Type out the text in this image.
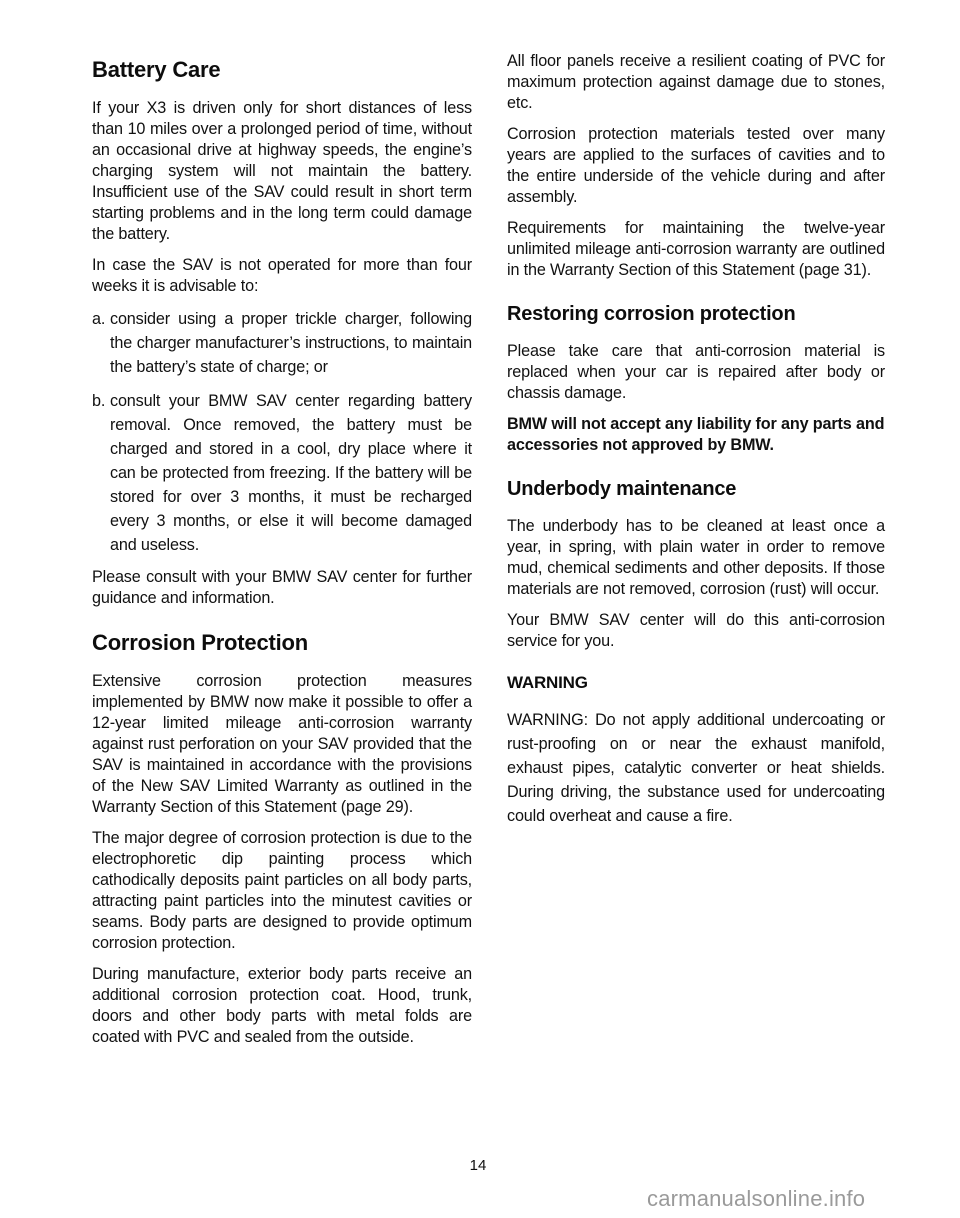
Battery Care

If your X3 is driven only for short distances of less than 10 miles over a prolonged period of time, without an occasional drive at highway speeds, the engine’s charging system will not maintain the battery. Insufficient use of the SAV could result in short term starting problems and in the long term could damage the battery.

In case the SAV is not operated for more than four weeks it is advisable to:

a. consider using a proper trickle charger, following the charger manufacturer’s instructions, to maintain the battery’s state of charge; or
b. consult your BMW SAV center regarding battery removal. Once removed, the battery must be charged and stored in a cool, dry place where it can be protected from freezing. If the battery will be stored for over 3 months, it must be recharged every 3 months, or else it will become damaged and useless.

Please consult with your BMW SAV center for further guidance and information.

Corrosion Protection

Extensive corrosion protection measures implemented by BMW now make it possible to offer a 12-year limited mileage anti-corrosion warranty against rust perforation on your SAV provided that the SAV is maintained in accordance with the provisions of the New SAV Limited Warranty as outlined in the Warranty Section of this Statement (page 29).

The major degree of corrosion protection is due to the electrophoretic dip painting process which cathodically deposits paint particles on all body parts, attracting paint particles into the minutest cavities or seams. Body parts are designed to provide optimum corrosion protection.

During manufacture, exterior body parts receive an additional corrosion protection coat. Hood, trunk, doors and other body parts with metal folds are coated with PVC and sealed from the outside.

All floor panels receive a resilient coating of PVC for maximum protection against damage due to stones, etc.

Corrosion protection materials tested over many years are applied to the surfaces of cavities and to the entire underside of the vehicle during and after assembly.

Requirements for maintaining the twelve-year unlimited mileage anti-corrosion warranty are outlined in the Warranty Section of this Statement (page 31).

Restoring corrosion protection

Please take care that anti-corrosion material is replaced when your car is repaired after body or chassis damage.

BMW will not accept any liability for any parts and accessories not approved by BMW.

Underbody maintenance

The underbody has to be cleaned at least once a year, in spring, with plain water in order to remove mud, chemical sediments and other deposits. If those materials are not removed, corrosion (rust) will occur.

Your BMW SAV center will do this anti-corrosion service for you.

WARNING

WARNING: Do not apply additional undercoating or rust-proofing on or near the exhaust manifold, exhaust pipes, catalytic converter or heat shields. During driving, the substance used for undercoating could overheat and cause a fire.

14
carmanualsonline.info
